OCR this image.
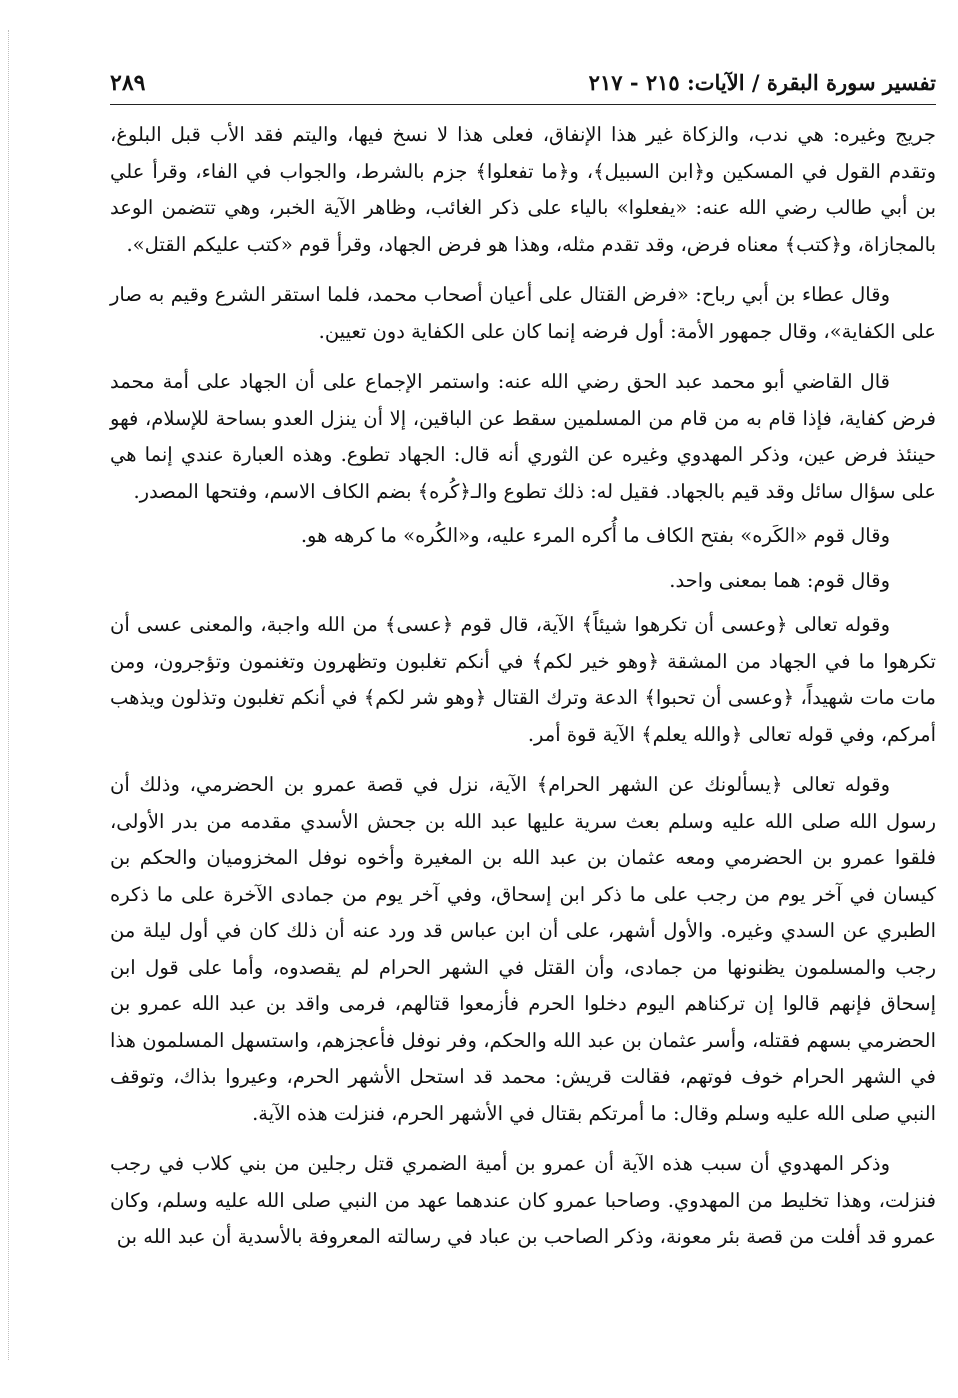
تفسير سورة البقرة / الآيات: ٢١٥ - ٢١٧
٢٨٩

جريج وغيره: هي ندب، والزكاة غير هذا الإنفاق، فعلى هذا لا نسخ فيها، واليتم فقد الأب قبل البلوغ، وتقدم القول في المسكين و﴿ابن السبيل﴾، و﴿ما تفعلوا﴾ جزم بالشرط، والجواب في الفاء، وقرأ علي بن أبي طالب رضي الله عنه: «يفعلوا» بالياء على ذكر الغائب، وظاهر الآية الخبر، وهي تتضمن الوعد بالمجازاة، و﴿كتب﴾ معناه فرض، وقد تقدم مثله، وهذا هو فرض الجهاد، وقرأ قوم «كتب عليكم القتل».

وقال عطاء بن أبي رباح: «فرض القتال على أعيان أصحاب محمد، فلما استقر الشرع وقيم به صار على الكفاية»، وقال جمهور الأمة: أول فرضه إنما كان على الكفاية دون تعيين.

قال القاضي أبو محمد عبد الحق رضي الله عنه: واستمر الإجماع على أن الجهاد على أمة محمد فرض كفاية، فإذا قام به من قام من المسلمين سقط عن الباقين، إلا أن ينزل العدو بساحة للإسلام، فهو حينئذ فرض عين، وذكر المهدوي وغيره عن الثوري أنه قال: الجهاد تطوع. وهذه العبارة عندي إنما هي على سؤال سائل وقد قيم بالجهاد. فقيل له: ذلك تطوع والـ﴿كُره﴾ بضم الكاف الاسم، وفتحها المصدر.

وقال قوم «الكَره» بفتح الكاف ما أُكره المرء عليه، و«الكُره» ما كرهه هو.

وقال قوم: هما بمعنى واحد.

وقوله تعالى ﴿وعسى أن تكرهوا شيئاً﴾ الآية، قال قوم ﴿عسى﴾ من الله واجبة، والمعنى عسى أن تكرهوا ما في الجهاد من المشقة ﴿وهو خير لكم﴾ في أنكم تغلبون وتظهرون وتغنمون وتؤجرون، ومن مات مات شهيداً، ﴿وعسى أن تحبوا﴾ الدعة وترك القتال ﴿وهو شر لكم﴾ في أنكم تغلبون وتذلون ويذهب أمركم، وفي قوله تعالى ﴿والله يعلم﴾ الآية قوة أمر.

وقوله تعالى ﴿يسألونك عن الشهر الحرام﴾ الآية، نزل في قصة عمرو بن الحضرمي، وذلك أن رسول الله صلى الله عليه وسلم بعث سرية عليها عبد الله بن جحش الأسدي مقدمه من بدر الأولى، فلقوا عمرو بن الحضرمي ومعه عثمان بن عبد الله بن المغيرة وأخوه نوفل المخزوميان والحكم بن كيسان في آخر يوم من رجب على ما ذكر ابن إسحاق، وفي آخر يوم من جمادى الآخرة على ما ذكره الطبري عن السدي وغيره. والأول أشهر، على أن ابن عباس قد ورد عنه أن ذلك كان في أول ليلة من رجب والمسلمون يظنونها من جمادى، وأن القتل في الشهر الحرام لم يقصدوه، وأما على قول ابن إسحاق فإنهم قالوا إن تركناهم اليوم دخلوا الحرم فأزمعوا قتالهم، فرمى واقد بن عبد الله عمرو بن الحضرمي بسهم فقتله، وأسر عثمان بن عبد الله والحكم، وفر نوفل فأعجزهم، واستسهل المسلمون هذا في الشهر الحرام خوف فوتهم، فقالت قريش: محمد قد استحل الأشهر الحرم، وعيروا بذاك، وتوقف النبي صلى الله عليه وسلم وقال: ما أمرتكم بقتال في الأشهر الحرم، فنزلت هذه الآية.

وذكر المهدوي أن سبب هذه الآية أن عمرو بن أمية الضمري قتل رجلين من بني كلاب في رجب فنزلت، وهذا تخليط من المهدوي. وصاحبا عمرو كان عندهما عهد من النبي صلى الله عليه وسلم، وكان عمرو قد أفلت من قصة بئر معونة، وذكر الصاحب بن عباد في رسالته المعروفة بالأسدية أن عبد الله بن
